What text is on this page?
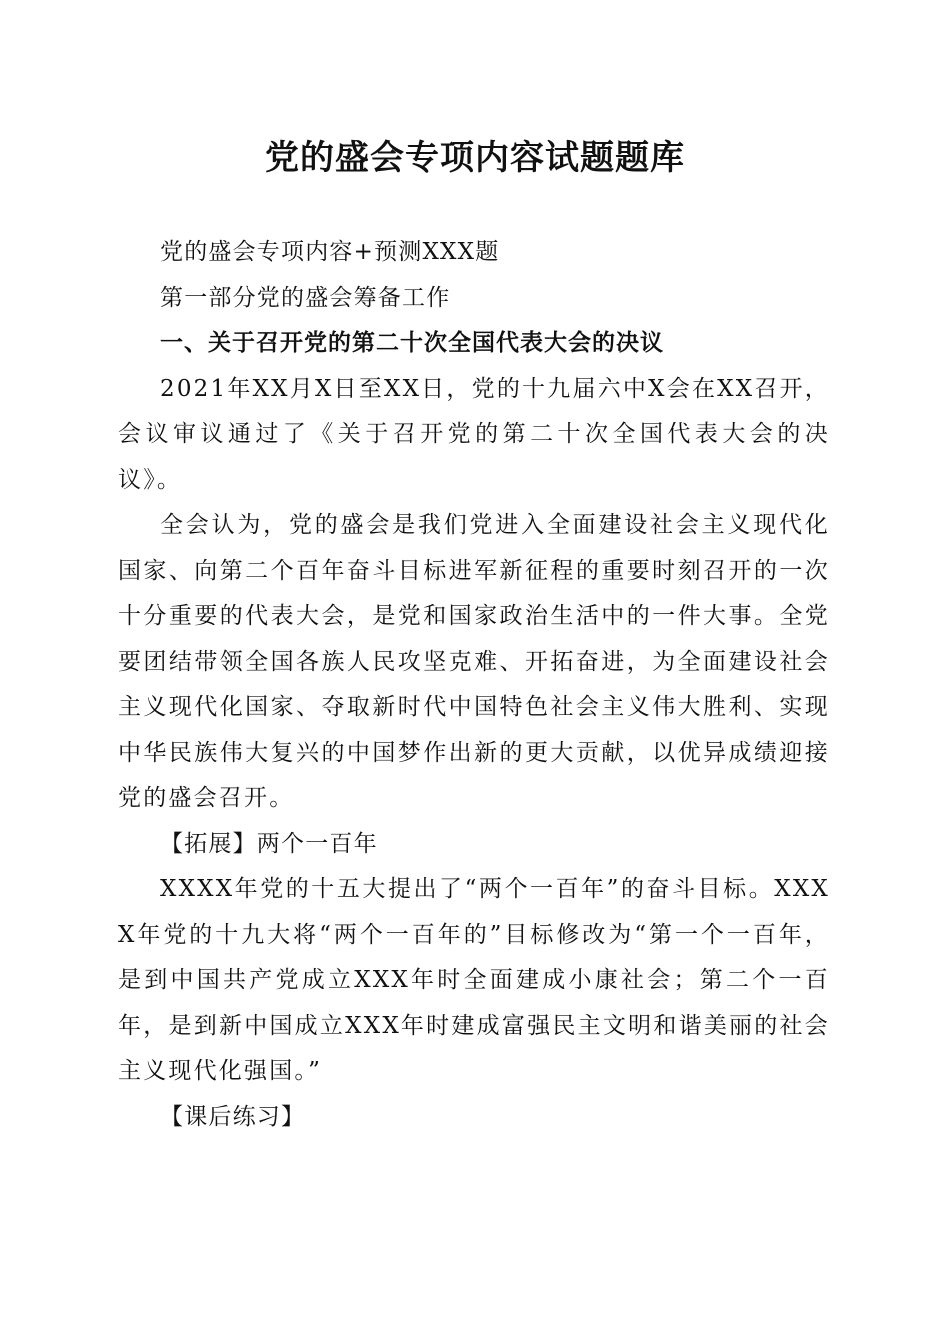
党的盛会专项内容试题题库

党的盛会专项内容+预测XXX题

第一部分党的盛会筹备工作

一、关于召开党的第二十次全国代表大会的决议

2021年XX月X日至XX日，党的十九届六中X会在XX召开，会议审议通过了《关于召开党的第二十次全国代表大会的决议》。

全会认为，党的盛会是我们党进入全面建设社会主义现代化国家、向第二个百年奋斗目标进军新征程的重要时刻召开的一次十分重要的代表大会，是党和国家政治生活中的一件大事。全党要团结带领全国各族人民攻坚克难、开拓奋进，为全面建设社会主义现代化国家、夺取新时代中国特色社会主义伟大胜利、实现中华民族伟大复兴的中国梦作出新的更大贡献，以优异成绩迎接党的盛会召开。

【拓展】两个一百年

XXXX年党的十五大提出了“两个一百年”的奋斗目标。XXXX年党的十九大将“两个一百年的”目标修改为“第一个一百年，是到中国共产党成立XXX年时全面建成小康社会；第二个一百年，是到新中国成立XXX年时建成富强民主文明和谐美丽的社会主义现代化强国。”

【课后练习】
